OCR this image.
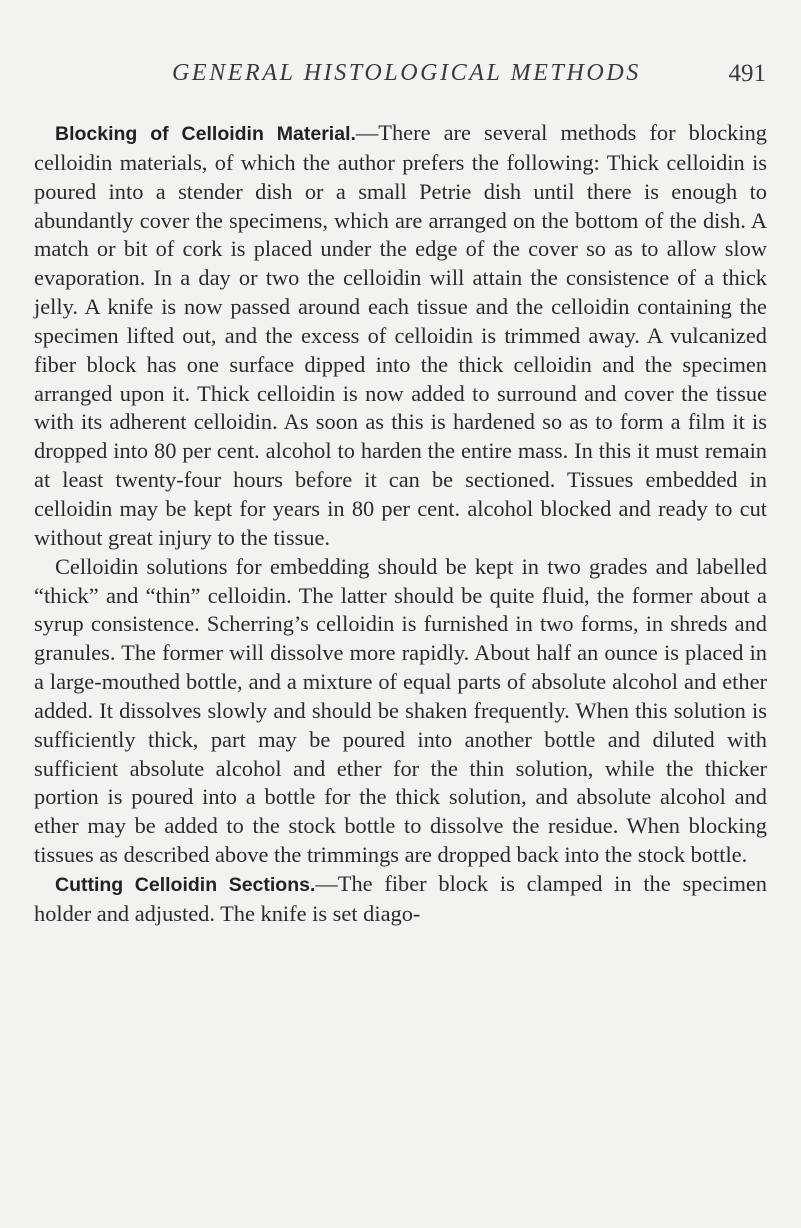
GENERAL HISTOLOGICAL METHODS	491

Blocking of Celloidin Material.—There are several methods for blocking celloidin materials, of which the author prefers the following: Thick celloidin is poured into a stender dish or a small Petrie dish until there is enough to abundantly cover the specimens, which are arranged on the bottom of the dish. A match or bit of cork is placed under the edge of the cover so as to allow slow evaporation. In a day or two the celloidin will attain the consistence of a thick jelly. A knife is now passed around each tissue and the celloidin containing the specimen lifted out, and the excess of celloidin is trimmed away. A vulcanized fiber block has one surface dipped into the thick celloidin and the specimen arranged upon it. Thick celloidin is now added to surround and cover the tissue with its adherent celloidin. As soon as this is hardened so as to form a film it is dropped into 80 per cent. alcohol to harden the entire mass. In this it must remain at least twenty-four hours before it can be sectioned. Tissues embedded in celloidin may be kept for years in 80 per cent. alcohol blocked and ready to cut without great injury to the tissue.

Celloidin solutions for embedding should be kept in two grades and labelled “thick” and “thin” celloidin. The latter should be quite fluid, the former about a syrup consistence. Scherring’s celloidin is furnished in two forms, in shreds and granules. The former will dissolve more rapidly. About half an ounce is placed in a large-mouthed bottle, and a mixture of equal parts of absolute alcohol and ether added. It dissolves slowly and should be shaken frequently. When this solution is sufficiently thick, part may be poured into another bottle and diluted with sufficient absolute alcohol and ether for the thin solution, while the thicker portion is poured into a bottle for the thick solution, and absolute alcohol and ether may be added to the stock bottle to dissolve the residue. When blocking tissues as described above the trimmings are dropped back into the stock bottle.

Cutting Celloidin Sections.—The fiber block is clamped in the specimen holder and adjusted. The knife is set diago-
